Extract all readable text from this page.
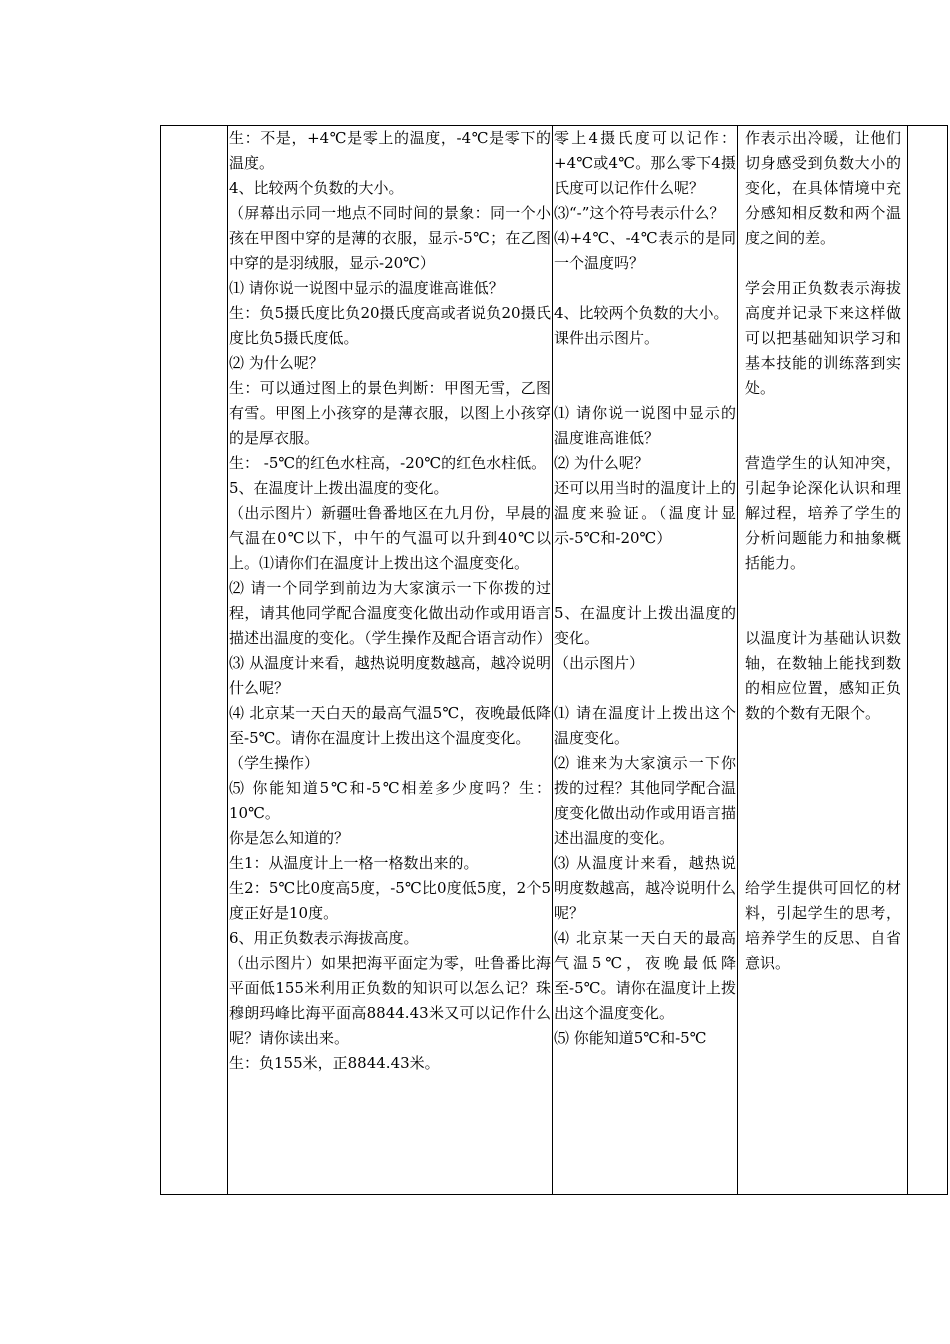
生：不是，+4℃是零上的温度，-4℃是零下的温度。

4、比较两个负数的大小。

（屏幕出示同一地点不同时间的景象：同一个小孩在甲图中穿的是薄的衣服，显示-5℃；在乙图中穿的是羽绒服，显示-20℃）

⑴ 请你说一说图中显示的温度谁高谁低？

生：负5摄氏度比负20摄氏度高或者说负20摄氏度比负5摄氏度低。

⑵ 为什么呢？

生：可以通过图上的景色判断：甲图无雪，乙图有雪。甲图上小孩穿的是薄衣服，以图上小孩穿的是厚衣服。

生： -5℃的红色水柱高，-20℃的红色水柱低。

5、在温度计上拨出温度的变化。

（出示图片）新疆吐鲁番地区在九月份，早晨的气温在0℃以下，中午的气温可以升到40℃以上。⑴请你们在温度计上拨出这个温度变化。

⑵ 请一个同学到前边为大家演示一下你拨的过程，请其他同学配合温度变化做出动作或用语言描述出温度的变化。（学生操作及配合语言动作）

⑶ 从温度计来看，越热说明度数越高，越冷说明什么呢？

⑷ 北京某一天白天的最高气温5℃，夜晚最低降至-5℃。请你在温度计上拨出这个温度变化。

（学生操作）

⑸ 你能知道5℃和-5℃相差多少度吗？生：10℃。

你是怎么知道的？

生1：从温度计上一格一格数出来的。

生2：5℃比0度高5度，-5℃比0度低5度，2个5度正好是10度。

6、用正负数表示海拔高度。

（出示图片）如果把海平面定为零，吐鲁番比海平面低155米利用正负数的知识可以怎么记？珠穆朗玛峰比海平面高8844.43米又可以记作什么呢？请你读出来。

生：负155米，正8844.43米。

零上4摄氏度可以记作：+4℃或4℃。那么零下4摄氏度可以记作什么呢？

⑶“-”这个符号表示什么？

⑷+4℃、-4℃表示的是同一个温度吗？

4、比较两个负数的大小。

课件出示图片。

⑴ 请你说一说图中显示的温度谁高谁低？

⑵ 为什么呢？

还可以用当时的温度计上的温度来验证。（温度计显示-5℃和-20℃）

5、在温度计上拨出温度的变化。

（出示图片）

⑴ 请在温度计上拨出这个温度变化。

⑵ 谁来为大家演示一下你拨的过程？其他同学配合温度变化做出动作或用语言描述出温度的变化。

⑶ 从温度计来看，越热说明度数越高，越冷说明什么呢？

⑷ 北京某一天白天的最高气温5℃，夜晚最低降至-5℃。请你在温度计上拨出这个温度变化。

⑸ 你能知道5℃和-5℃

作表示出冷暖，让他们切身感受到负数大小的变化，在具体情境中充分感知相反数和两个温度之间的差。

学会用正负数表示海拔高度并记录下来这样做可以把基础知识学习和基本技能的训练落到实处。

营造学生的认知冲突，引起争论深化认识和理解过程，培养了学生的分析问题能力和抽象概括能力。

以温度计为基础认识数轴，在数轴上能找到数的相应位置，感知正负数的个数有无限个。

给学生提供可回忆的材料，引起学生的思考，培养学生的反思、自省意识。
